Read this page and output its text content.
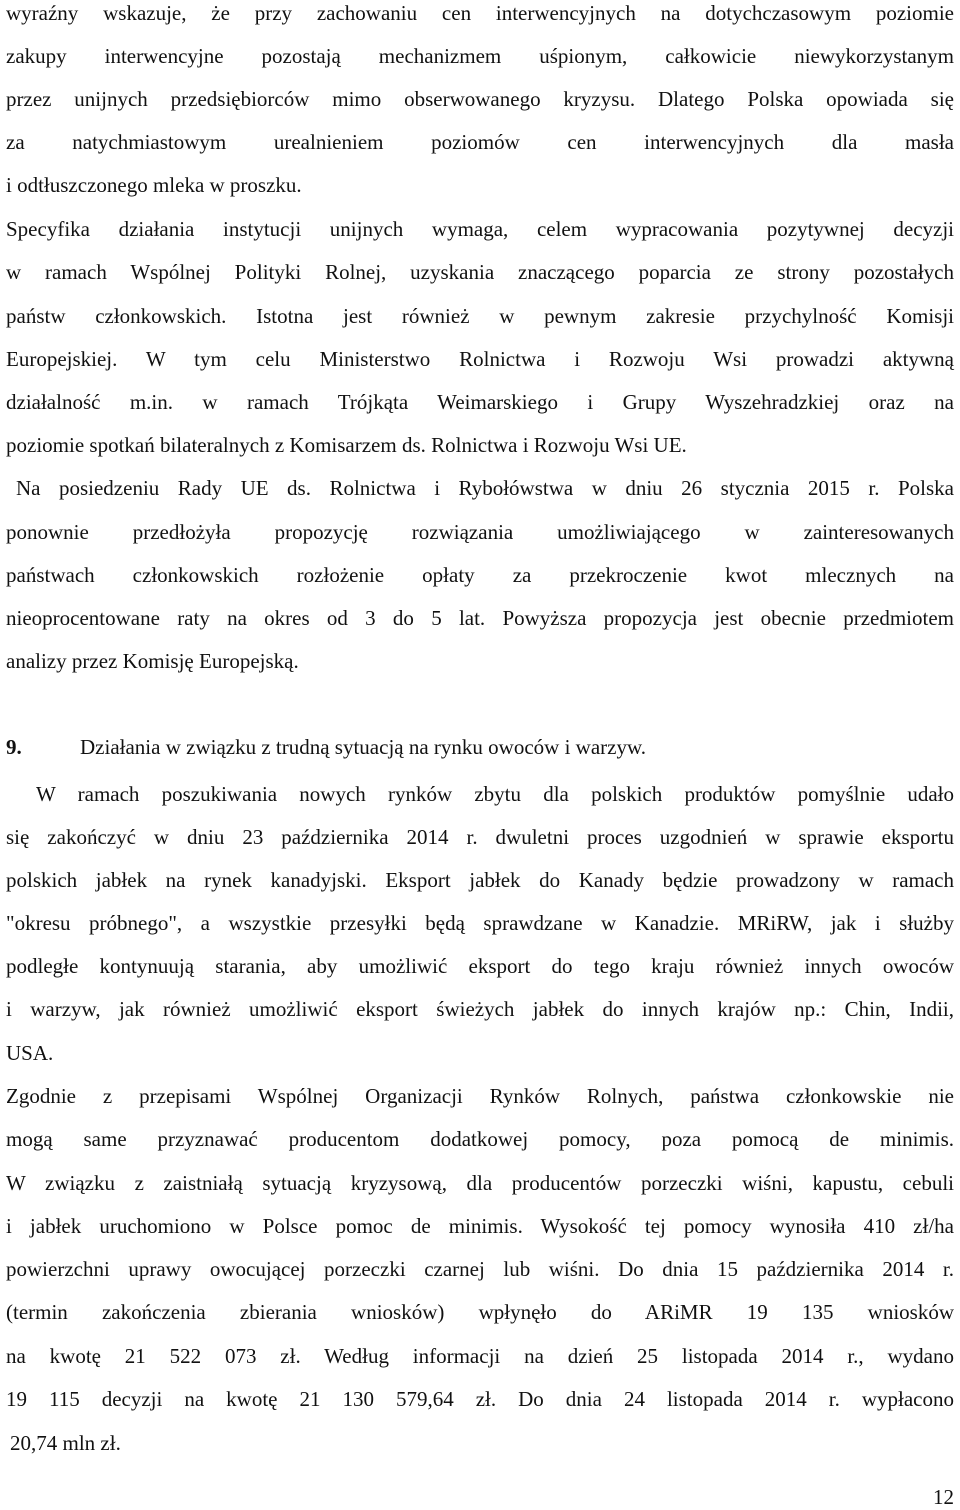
wyraźny wskazuje, że przy zachowaniu cen interwencyjnych na dotychczasowym poziomie
zakupy interwencyjne pozostają mechanizmem uśpionym, całkowicie niewykorzystanym
przez unijnych przedsiębiorców mimo obserwowanego kryzysu. Dlatego Polska opowiada się
za natychmiastowym urealnieniem poziomów cen interwencyjnych dla masła
i odtłuszczonego mleka w proszku.
Specyfika działania instytucji unijnych wymaga, celem wypracowania pozytywnej decyzji
w ramach Wspólnej Polityki Rolnej, uzyskania znaczącego poparcia ze strony pozostałych
państw członkowskich. Istotna jest również w pewnym zakresie przychylność Komisji
Europejskiej. W tym celu Ministerstwo Rolnictwa i Rozwoju Wsi prowadzi aktywną
działalność m.in. w ramach Trójkąta Weimarskiego i Grupy Wyszehradzkiej oraz na
poziomie spotkań bilateralnych z Komisarzem ds. Rolnictwa i Rozwoju Wsi UE.
Na posiedzeniu Rady UE ds. Rolnictwa i Rybołówstwa w dniu 26 stycznia 2015 r. Polska
ponownie przedłożyła propozycję rozwiązania umożliwiającego w zainteresowanych
państwach członkowskich rozłożenie opłaty za przekroczenie kwot mlecznych na
nieoprocentowane raty na okres od 3 do 5 lat. Powyższa propozycja jest obecnie przedmiotem
analizy przez Komisję Europejską.
9.	Działania w związku z trudną sytuacją na rynku owoców i warzyw.
W ramach poszukiwania nowych rynków zbytu dla polskich produktów pomyślnie udało
się zakończyć w dniu 23 października 2014 r. dwuletni proces uzgodnień w sprawie eksportu
polskich jabłek na rynek kanadyjski. Eksport jabłek do Kanady będzie prowadzony w ramach
"okresu próbnego", a wszystkie przesyłki będą sprawdzane w Kanadzie. MRiRW, jak i służby
podległe kontynuują starania, aby umożliwić eksport do tego kraju również innych owoców
i warzyw, jak również umożliwić eksport świeżych jabłek do innych krajów np.: Chin, Indii,
USA.
Zgodnie z przepisami Wspólnej Organizacji Rynków Rolnych, państwa członkowskie nie
mogą same przyznawać producentom dodatkowej pomocy, poza pomocą de minimis.
W związku z zaistniałą sytuacją kryzysową, dla producentów porzeczki wiśni, kapustu, cebuli
i jabłek uruchomiono w Polsce pomoc de minimis. Wysokość tej pomocy wynosiła 410 zł/ha
powierzchni uprawy owocującej porzeczki czarnej lub wiśni. Do dnia 15 października 2014 r.
(termin zakończenia zbierania wniosków) wpłynęło do ARiMR 19 135 wniosków
na kwotę 21 522 073 zł. Według informacji na dzień 25 listopada 2014 r., wydano
19 115 decyzji na kwotę 21 130 579,64 zł. Do dnia 24 listopada 2014 r. wypłacono
20,74 mln zł.
12
